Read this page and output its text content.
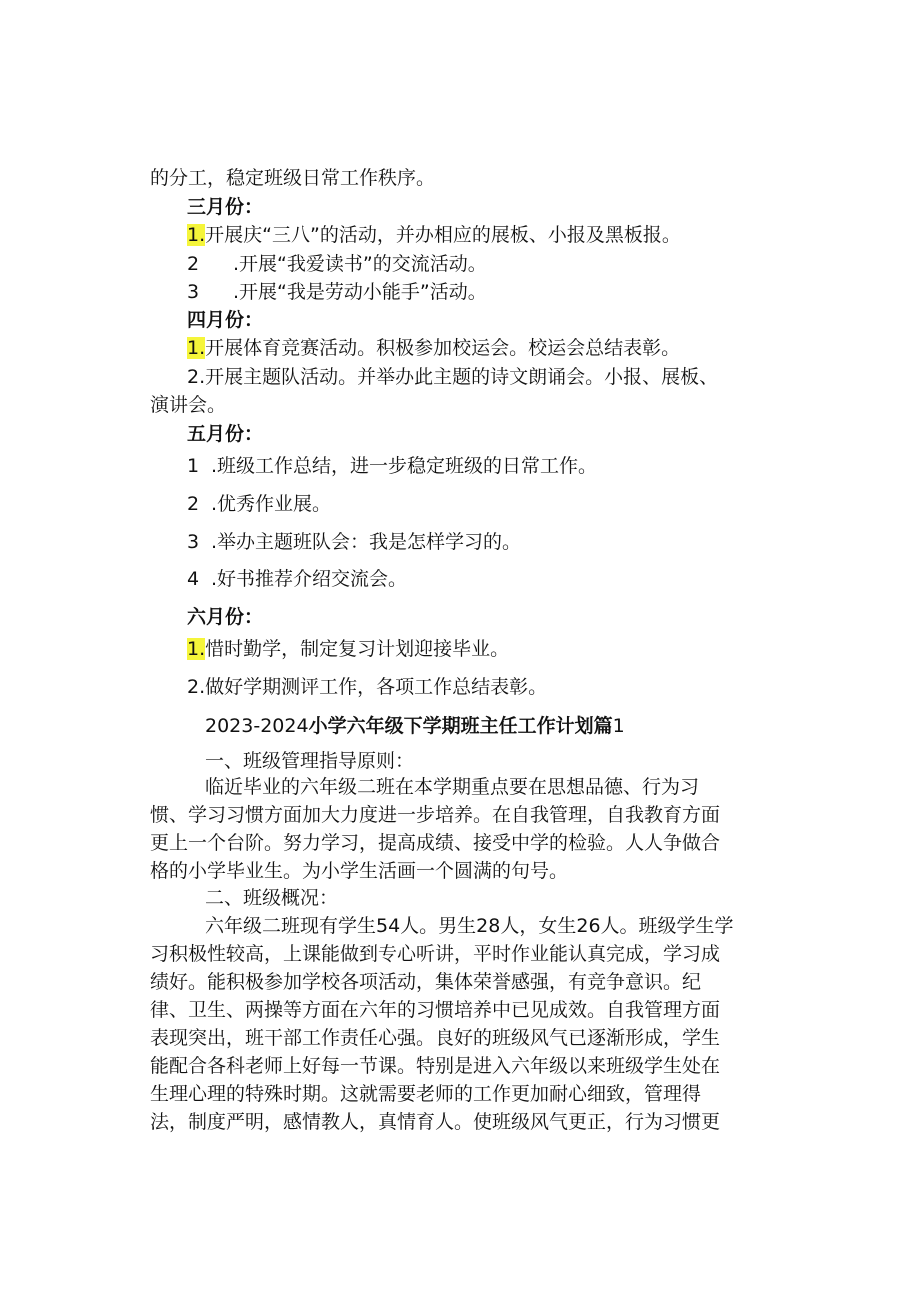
的分工，稳定班级日常工作秩序。
三月份：
1.开展庆“三八”的活动，并办相应的展板、小报及黑板报。
2 .开展“我爱读书”的交流活动。
3 .开展“我是劳动小能手”活动。
四月份：
1.开展体育竞赛活动。积极参加校运会。校运会总结表彰。
2.开展主题队活动。并举办此主题的诗文朗诵会。小报、展板、
演讲会。
五月份：
1 .班级工作总结，进一步稳定班级的日常工作。
2 .优秀作业展。
3 .举办主题班队会：我是怎样学习的。
4 .好书推荐介绍交流会。
六月份：
1.惜时勤学，制定复习计划迎接毕业。
2.做好学期测评工作，各项工作总结表彰。
2023-2024小学六年级下学期班主任工作计划篇1
一、班级管理指导原则：
临近毕业的六年级二班在本学期重点要在思想品德、行为习
惯、学习习惯方面加大力度进一步培养。在自我管理，自我教育方面
更上一个台阶。努力学习，提高成绩、接受中学的检验。人人争做合
格的小学毕业生。为小学生活画一个圆满的句号。
二、班级概况：
六年级二班现有学生54人。男生28人，女生26人。班级学生学
习积极性较高，上课能做到专心听讲，平时作业能认真完成，学习成
绩好。能积极参加学校各项活动，集体荣誉感强，有竞争意识。纪
律、卫生、两操等方面在六年的习惯培养中已见成效。自我管理方面
表现突出，班干部工作责任心强。良好的班级风气已逐渐形成，学生
能配合各科老师上好每一节课。特别是进入六年级以来班级学生处在
生理心理的特殊时期。这就需要老师的工作更加耐心细致，管理得
法，制度严明，感情教人，真情育人。使班级风气更正，行为习惯更
